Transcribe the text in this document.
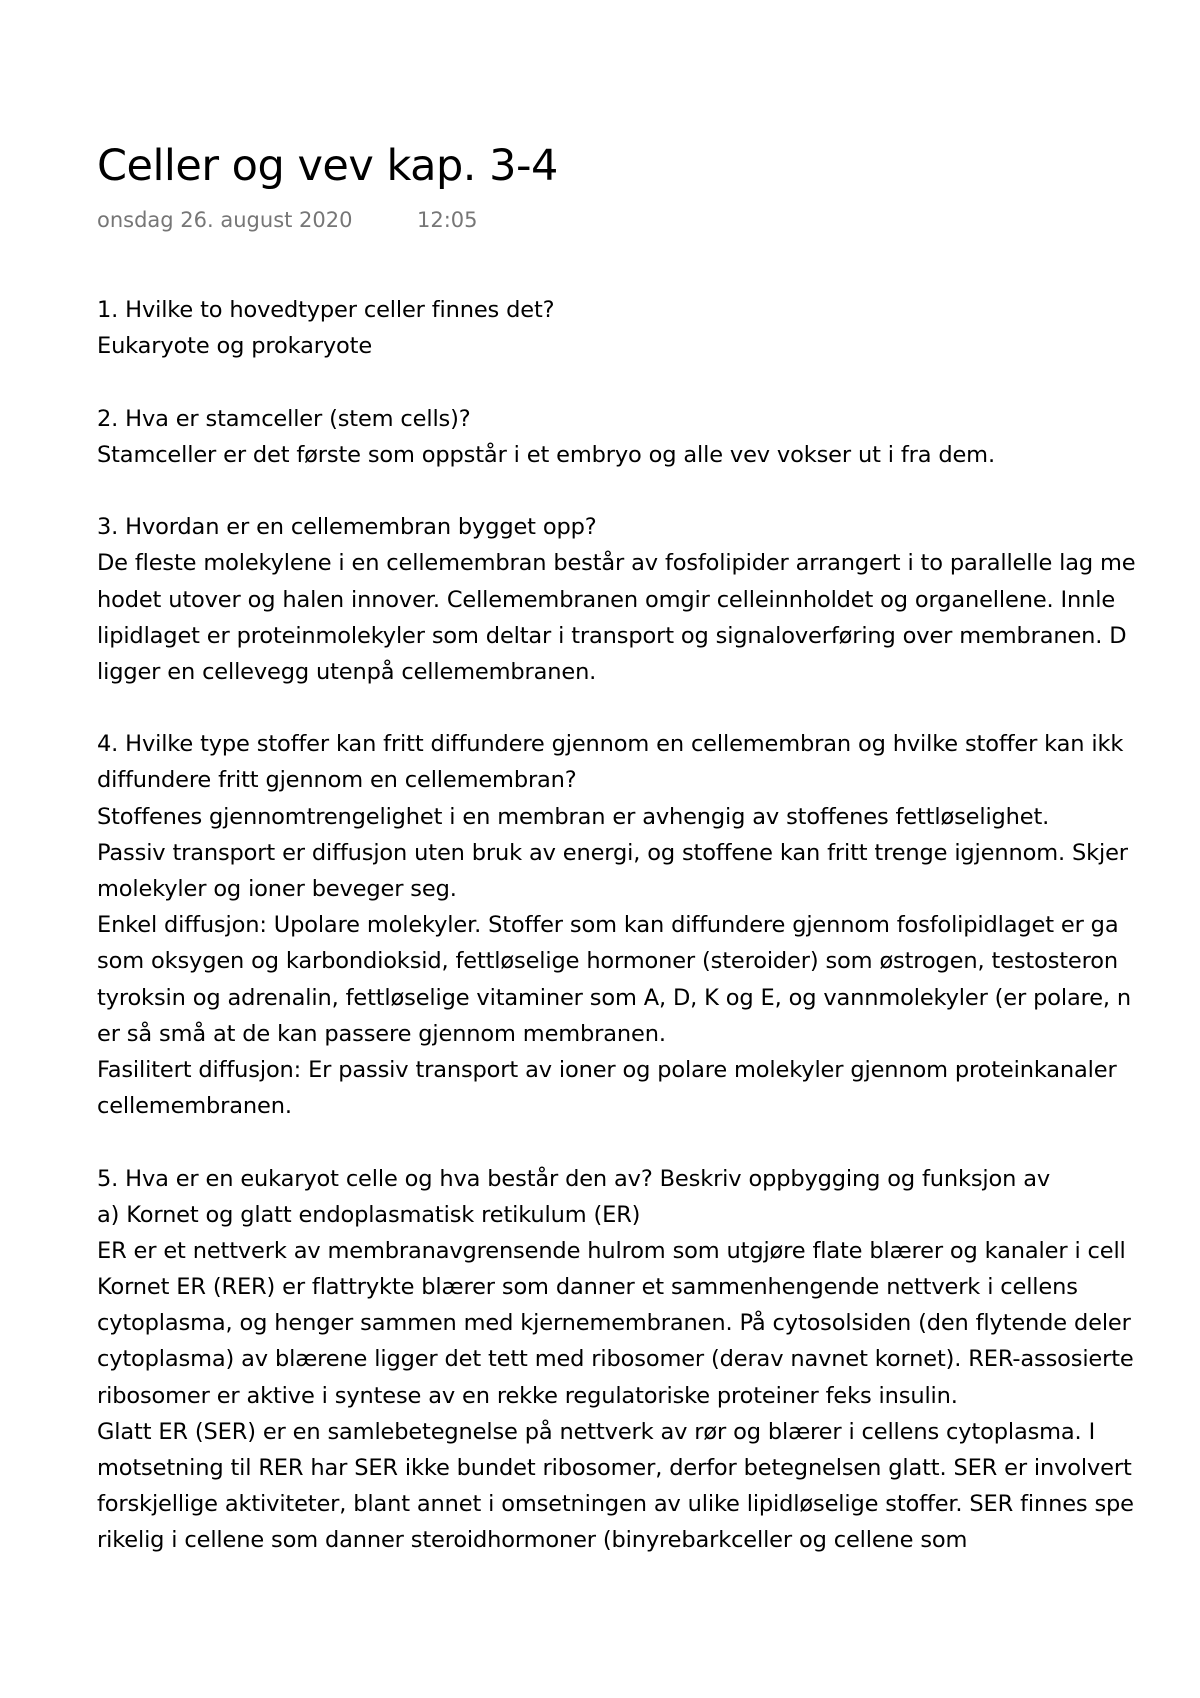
Celler og vev kap. 3-4
onsdag 26. august 2020	12:05
1. Hvilke to hovedtyper celler finnes det?
Eukaryote og prokaryote
2. Hva er stamceller (stem cells)?
Stamceller er det første som oppstår i et embryo og alle vev vokser ut i fra dem.
3. Hvordan er en cellemembran bygget opp?
De fleste molekylene i en cellemembran består av fosfolipider arrangert i to parallelle lag me
hodet utover og halen innover. Cellemembranen omgir celleinnholdet og organellene. Innle
lipidlaget er proteinmolekyler som deltar i transport og signaloverføring over membranen. D
ligger en cellevegg utenpå cellemembranen.
4. Hvilke type stoffer kan fritt diffundere gjennom en cellemembran og hvilke stoffer kan ikk
diffundere fritt gjennom en cellemembran?
Stoffenes gjennomtrengelighet i en membran er avhengig av stoffenes fettløselighet.
Passiv transport er diffusjon uten bruk av energi, og stoffene kan fritt trenge igjennom. Skjer
molekyler og ioner beveger seg.
Enkel diffusjon: Upolare molekyler. Stoffer som kan diffundere gjennom fosfolipidlaget er ga
som oksygen og karbondioksid, fettløselige hormoner (steroider) som østrogen, testosteron
tyroksin og adrenalin, fettløselige vitaminer som A, D, K og E, og vannmolekyler (er polare, n
er så små at de kan passere gjennom membranen.
Fasilitert diffusjon: Er passiv transport av ioner og polare molekyler gjennom proteinkanaler
cellemembranen.
5. Hva er en eukaryot celle og hva består den av? Beskriv oppbygging og funksjon av
a) Kornet og glatt endoplasmatisk retikulum (ER)
ER er et nettverk av membranavgrensende hulrom som utgjøre flate blærer og kanaler i cell
Kornet ER (RER) er flattrykte blærer som danner et sammenhengende nettverk i cellens
cytoplasma, og henger sammen med kjernemembranen. På cytosolsiden (den flytende deler
cytoplasma) av blærene ligger det tett med ribosomer (derav navnet kornet). RER-assosierte
ribosomer er aktive i syntese av en rekke regulatoriske proteiner feks insulin.
Glatt ER (SER) er en samlebetegnelse på nettverk av rør og blærer i cellens cytoplasma. I
motsetning til RER har SER ikke bundet ribosomer, derfor betegnelsen glatt. SER er involvert
forskjellige aktiviteter, blant annet i omsetningen av ulike lipidløselige stoffer. SER finnes spe
rikelig i cellene som danner steroidhormoner (binyrebarkceller og cellene som
